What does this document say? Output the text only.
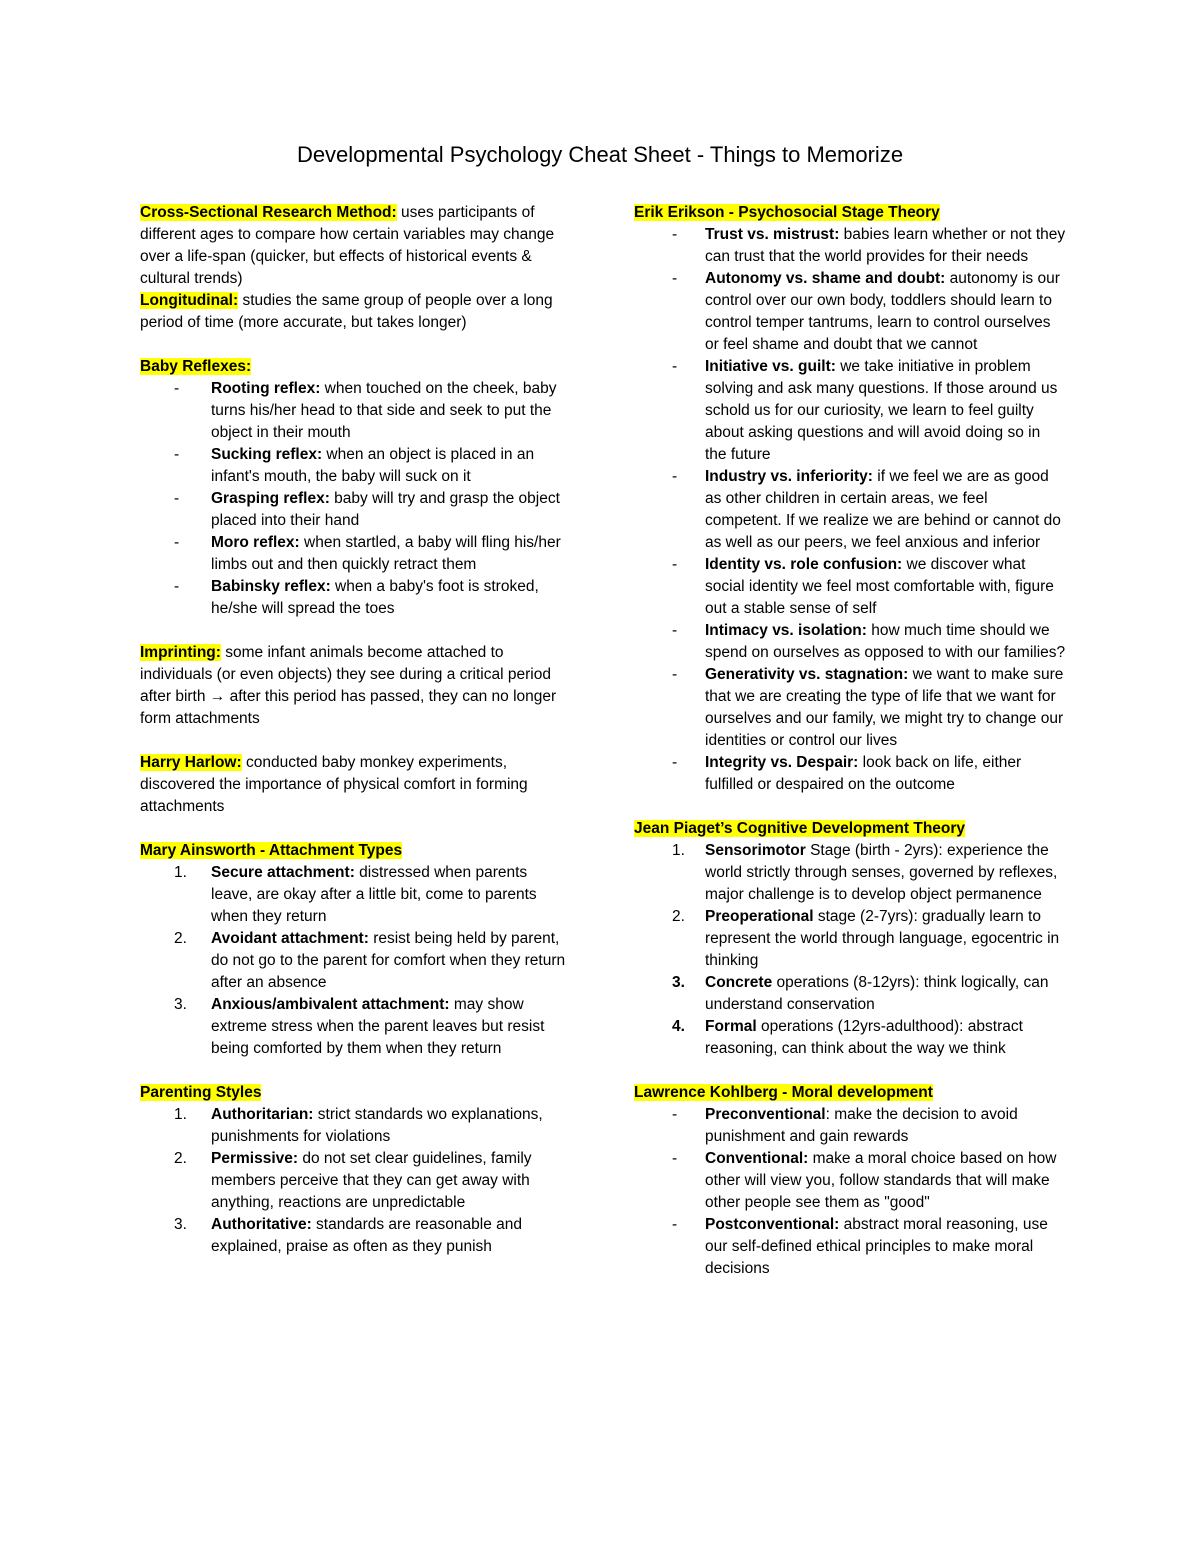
Developmental Psychology Cheat Sheet - Things to Memorize

Cross-Sectional Research Method: uses participants of different ages to compare how certain variables may change over a life-span (quicker, but effects of historical events & cultural trends)

Longitudinal: studies the same group of people over a long period of time (more accurate, but takes longer)

Baby Reflexes:

- Rooting reflex: when touched on the cheek, baby turns his/her head to that side and seek to put the object in their mouth
- Sucking reflex: when an object is placed in an infant's mouth, the baby will suck on it
- Grasping reflex: baby will try and grasp the object placed into their hand
- Moro reflex: when startled, a baby will fling his/her limbs out and then quickly retract them
- Babinsky reflex: when a baby's foot is stroked, he/she will spread the toes

Imprinting: some infant animals become attached to individuals (or even objects) they see during a critical period after birth → after this period has passed, they can no longer form attachments

Harry Harlow: conducted baby monkey experiments, discovered the importance of physical comfort in forming attachments

Mary Ainsworth - Attachment Types

1. Secure attachment: distressed when parents leave, are okay after a little bit, come to parents when they return
2. Avoidant attachment: resist being held by parent, do not go to the parent for comfort when they return after an absence
3. Anxious/ambivalent attachment: may show extreme stress when the parent leaves but resist being comforted by them when they return

Parenting Styles

1. Authoritarian: strict standards wo explanations, punishments for violations
2. Permissive: do not set clear guidelines, family members perceive that they can get away with anything, reactions are unpredictable
3. Authoritative: standards are reasonable and explained, praise as often as they punish

Erik Erikson - Psychosocial Stage Theory

- Trust vs. mistrust: babies learn whether or not they can trust that the world provides for their needs
- Autonomy vs. shame and doubt: autonomy is our control over our own body, toddlers should learn to control temper tantrums, learn to control ourselves or feel shame and doubt that we cannot
- Initiative vs. guilt: we take initiative in problem solving and ask many questions. If those around us schold us for our curiosity, we learn to feel guilty about asking questions and will avoid doing so in the future
- Industry vs. inferiority: if we feel we are as good as other children in certain areas, we feel competent. If we realize we are behind or cannot do as well as our peers, we feel anxious and inferior
- Identity vs. role confusion: we discover what social identity we feel most comfortable with, figure out a stable sense of self
- Intimacy vs. isolation: how much time should we spend on ourselves as opposed to with our families?
- Generativity vs. stagnation: we want to make sure that we are creating the type of life that we want for ourselves and our family, we might try to change our identities or control our lives
- Integrity vs. Despair: look back on life, either fulfilled or despaired on the outcome

Jean Piaget’s Cognitive Development Theory

1. Sensorimotor Stage (birth - 2yrs): experience the world strictly through senses, governed by reflexes, major challenge is to develop object permanence
2. Preoperational stage (2-7yrs): gradually learn to represent the world through language, egocentric in thinking
3. Concrete operations (8-12yrs): think logically, can understand conservation
4. Formal operations (12yrs-adulthood): abstract reasoning, can think about the way we think

Lawrence Kohlberg - Moral development

- Preconventional: make the decision to avoid punishment and gain rewards
- Conventional: make a moral choice based on how other will view you, follow standards that will make other people see them as "good"
- Postconventional: abstract moral reasoning, use our self-defined ethical principles to make moral decisions
